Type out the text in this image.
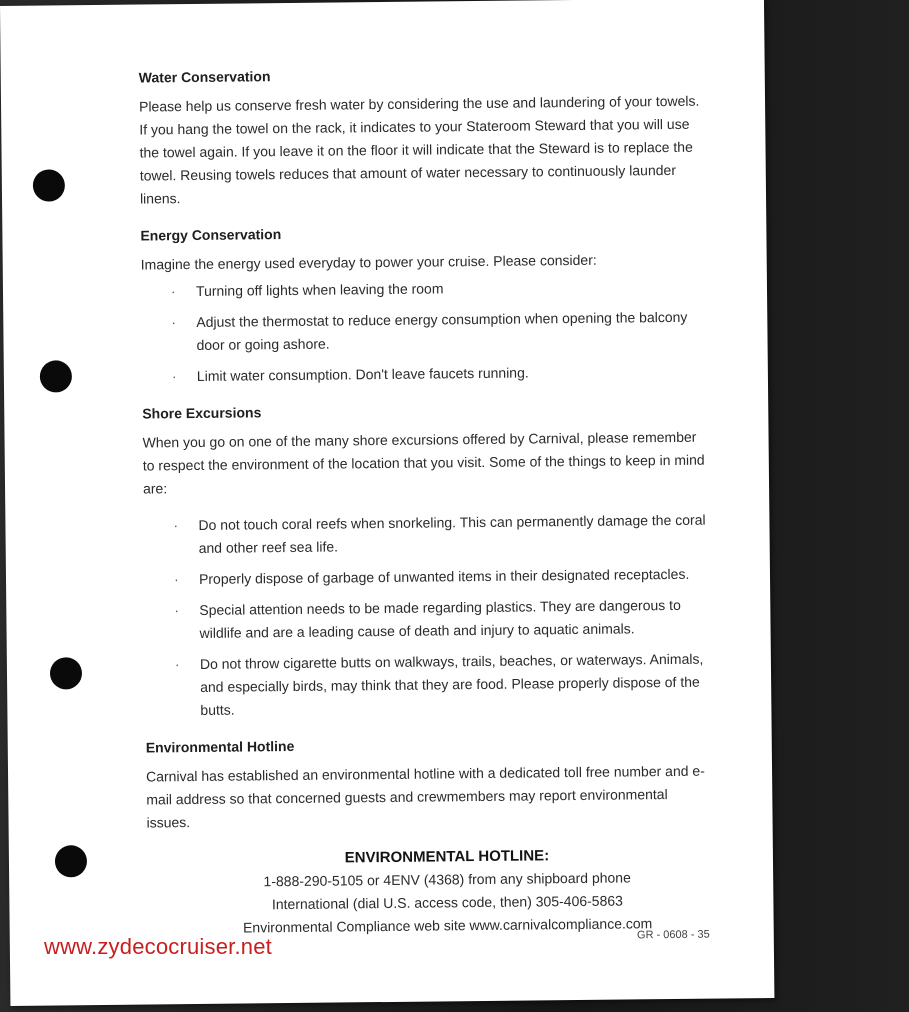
Water Conservation

Please help us conserve fresh water by considering the use and laundering of your towels. If you hang the towel on the rack, it indicates to your Stateroom Steward that you will use the towel again. If you leave it on the floor it will indicate that the Steward is to replace the towel. Reusing towels reduces that amount of water necessary to continuously launder linens.

Energy Conservation

Imagine the energy used everyday to power your cruise. Please consider:

· Turning off lights when leaving the room
· Adjust the thermostat to reduce energy consumption when opening the balcony door or going ashore.
· Limit water consumption. Don't leave faucets running.
Shore Excursions

When you go on one of the many shore excursions offered by Carnival, please remember to respect the environment of the location that you visit. Some of the things to keep in mind are:

· Do not touch coral reefs when snorkeling. This can permanently damage the coral and other reef sea life.
· Properly dispose of garbage of unwanted items in their designated receptacles.
· Special attention needs to be made regarding plastics. They are dangerous to wildlife and are a leading cause of death and injury to aquatic animals.
· Do not throw cigarette butts on walkways, trails, beaches, or waterways. Animals, and especially birds, may think that they are food. Please properly dispose of the butts.
Environmental Hotline

Carnival has established an environmental hotline with a dedicated toll free number and e-mail address so that concerned guests and crewmembers may report environmental issues.

ENVIRONMENTAL HOTLINE:
1-888-290-5105 or 4ENV (4368) from any shipboard phone
International (dial U.S. access code, then) 305-406-5863
Environmental Compliance web site www.carnivalcompliance.com
GR - 0608 - 35
www.zydecocruiser.net
